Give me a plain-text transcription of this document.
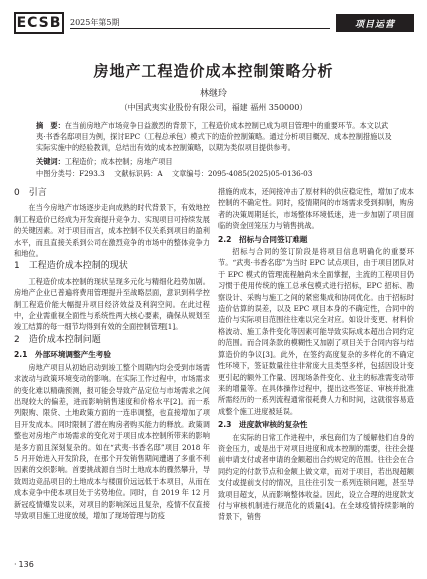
ECSB	2025年第5期	项目运营
房地产工程造价成本控制策略分析
林继玲
（中国武夷实业股份有限公司，福建 福州 350000）
摘　要：在当前房地产市场竞争日益激烈的背景下，工程造价成本控制已成为项目管理中的重要环节。本文以武夷·书香名邸项目为例，探讨EPC（工程总承包）模式下的造价控制策略。通过分析项目概况、成本控制措施以及实际实施中的经验教训，总结出有效的成本控制策略，以期为类似项目提供参考。
关键词：工程造价；成本控制；房地产项目
中图分类号：F293.3  文献标识码：A  文章编号：2095-4085(2025)05-0136-03
0　引言

在当今房地产市场逐步走向成熟的时代背景下，有效地控制工程造价已经成为开发商提升竞争力、实现项目可持续发展的关键因素。对于项目而言，成本控制不仅关系到项目的盈利水平，而且直接关系到公司在激烈竞争的市场中的整体竞争力和地位。

1　工程造价成本控制的现状

工程造价成本控制的现状呈现多元化与精细化趋势加剧。房地产企业已普遍将费用管理提升至战略层面，意识到科学控制工程造价能大幅提升项目经济效益及利润空间。在此过程中，企业需重视全面性与系统性两大核心要素，确保从规划至竣工结算的每一细节均得到有效的全面控制管理[1]。

2　造价成本控制问题
2.1　外部环境调整产生考验

房地产项目从初始启动到竣工整个周期内均会受到市场需求波动与政策环境变动的影响。在实际工作过程中，市场需求的变化难以精确预测，报可能会导致产品定位与市场需求之间出现较大的偏差，进而影响销售速度和价格水平[2]。而一系列限购、限贷、土地政策方面的一连串调整，也直接增加了项目开发成本。同时限制了潜在购房者购买能力的释放。政策调整也对房地产市场需求的变化对于项目成本控制所带来的影响是多方面且深刻复杂的。如在“武夷·书香名邸”项目 2018 年 5 月开始进入开发阶段，在那个开发销售期间遭遇了多重不利因素的交织影响。首要挑战源自当时土地成本的骤然攀升，导致周边竞品项目的土地成本与楼面价远远低于本项目，从而在成本竞争中使本项目处于劣势地位。同时，自 2019 年 12 月新冠疫情爆发以来，对项目的影响深远且复杂，疫情不仅直接导致项目施工进度放缓，增加了现场管理与防疫

措施的成本，还间接冲击了原材料的供应稳定性，增加了成本控制的不确定性。同时，疫情期间的市场需求受到抑制，购房者的决策周期延长，市场整体环境低迷，进一步加剧了项目面临的资金回笼压力与销售挑战。

2.2　招标与合同签订难题

招标与合同的签订阶段是将项目信息明确化的重要环节。“武夷·书香名邸”为当时 EPC 试点项目，由于项目团队对于 EPC 模式的管理流程触尚未全面掌握，主流的工程项目仍习惯于使用传统的施工总承包模式进行招标，EPC 招标、勘察设计、采购与施工之间的紧密集成和协同优化。由于招标时造价估算的误差，以及 EPC 项目本身的不确定性，合同中的造价与实际项目范围往往难以完全对应。如设计变更、材料价格波动、施工条件变化等因素可能导致实际成本超出合同约定的范围。而合同条款的模糊性又加剧了项目关于合同内容与结算造价的争议[3]。此外，在签约高度复杂的多样化的不确定性环境下，签证数量往往非常庞大且类型多样，包括因设计变更引起的额外工作量、因现场条件变化、业主的标准需变动带来的增量等。在具体操作过程中，提出这些签证、审核并批准所需经历的一系列流程通常很耗费人力和时间，这就很容易造成整个施工进度被延误。

2.3　进度款审核的复杂性

在实际的日常工作进程中，承包商们为了缓解他们自身的资金压力，或是出于对项目进度和成本控制的需要，往往会提前申请支付或者申请的金额超出合约规定的范围。往往会在合同约定的付款节点和金额上做文章，而对于项目，若出现超额支付或提前支付的情况，且往往引发一系列连锁问题，甚至导致项目超支，从而影响整体收益。因此，设立合理的进度款支付与审核机制进行规范化的质量[4]。在全球疫情持续影响的背景下，销售

· 136
